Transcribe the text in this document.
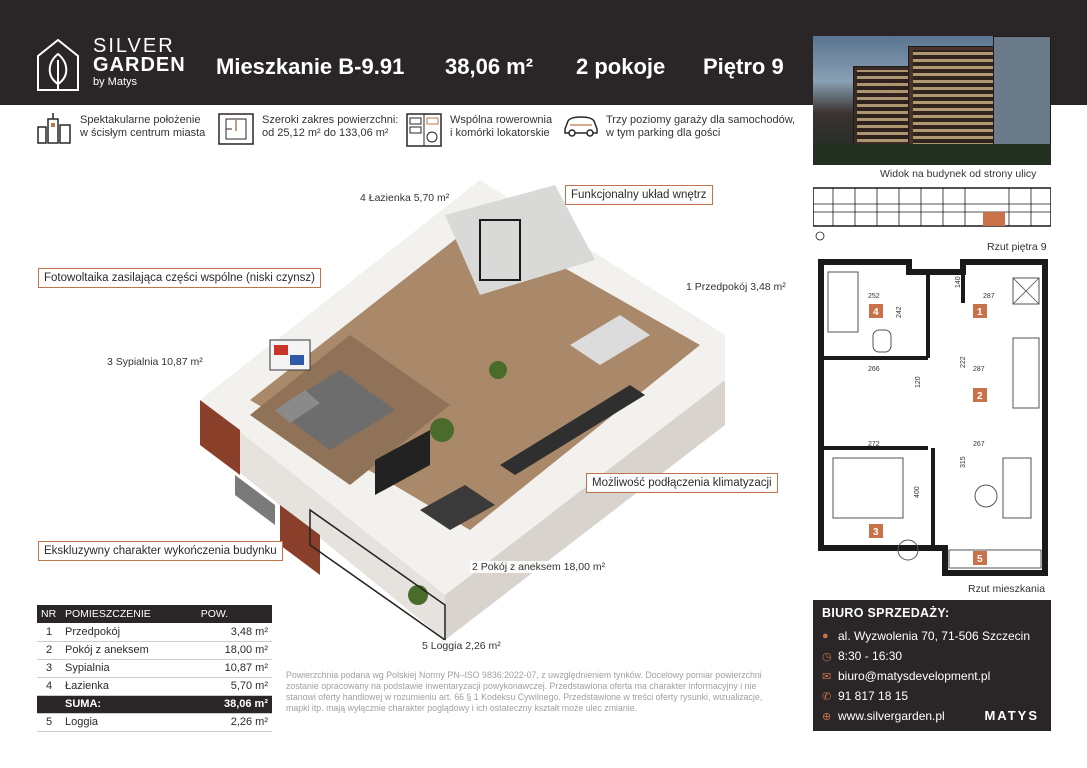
SILVER
GARDEN
by Matys
Mieszkanie B-9.91 38,06 m² 2 pokoje Piętro 9
Widok na budynek od strony ulicy
Spektakularne położenie
w ścisłym centrum miasta
Szeroki zakres powierzchni:
od 25,12 m² do 133,06 m²
Wspólna rowerownia
i komórki lokatorskie
Trzy poziomy garaży dla samochodów,
w tym parking dla gości
4 Łazienka 5,70 m²	Funkcjonalny układ wnętrz
Fotowoltaika zasilająca części wspólne (niski czynsz)
1 Przedpokój 3,48 m²
3 Sypialnia 10,87 m²
Możliwość podłączenia klimatyzacji
Ekskluzywny charakter wykończenia budynku
2 Pokój z aneksem 18,00 m²
5 Loggia 2,26 m²
Rzut piętra 9
252	287
140
242
266	287
222
120
272	267
315
400
1
2
3
4
5
Rzut mieszkania
NR	POMIESZCZENIE	POW.
1	Przedpokój	3,48 m²
2	Pokój z aneksem	18,00 m²
3	Sypialnia	10,87 m²
4	Łazienka	5,70 m²
	SUMA:	38,06 m²
5	Loggia	2,26 m²
Powierzchnia podana wg Polskiej Normy PN–ISO 9836:2022-07, z uwzględnieniem tynków. Docelowy pomiar powierzchni zostanie opracowany na podstawie inwentaryzacji powykonawczej. Przedstawiona oferta ma charakter informacyjny i nie stanowi oferty handlowej w rozumieniu art. 66 § 1 Kodeksu Cywilnego. Przedstawione w treści oferty rysunki, wizualizacje, mapki itp. mają wyłącznie charakter poglądowy i ich ostateczny kształt może ulec zmianie.
BIURO SPRZEDAŻY:
● al. Wyzwolenia 70, 71-506 Szczecin
◷ 8:30 - 16:30
✉ biuro@matysdevelopment.pl
✆ 91 817 18 15
⊕ www.silvergarden.pl	MATYS
